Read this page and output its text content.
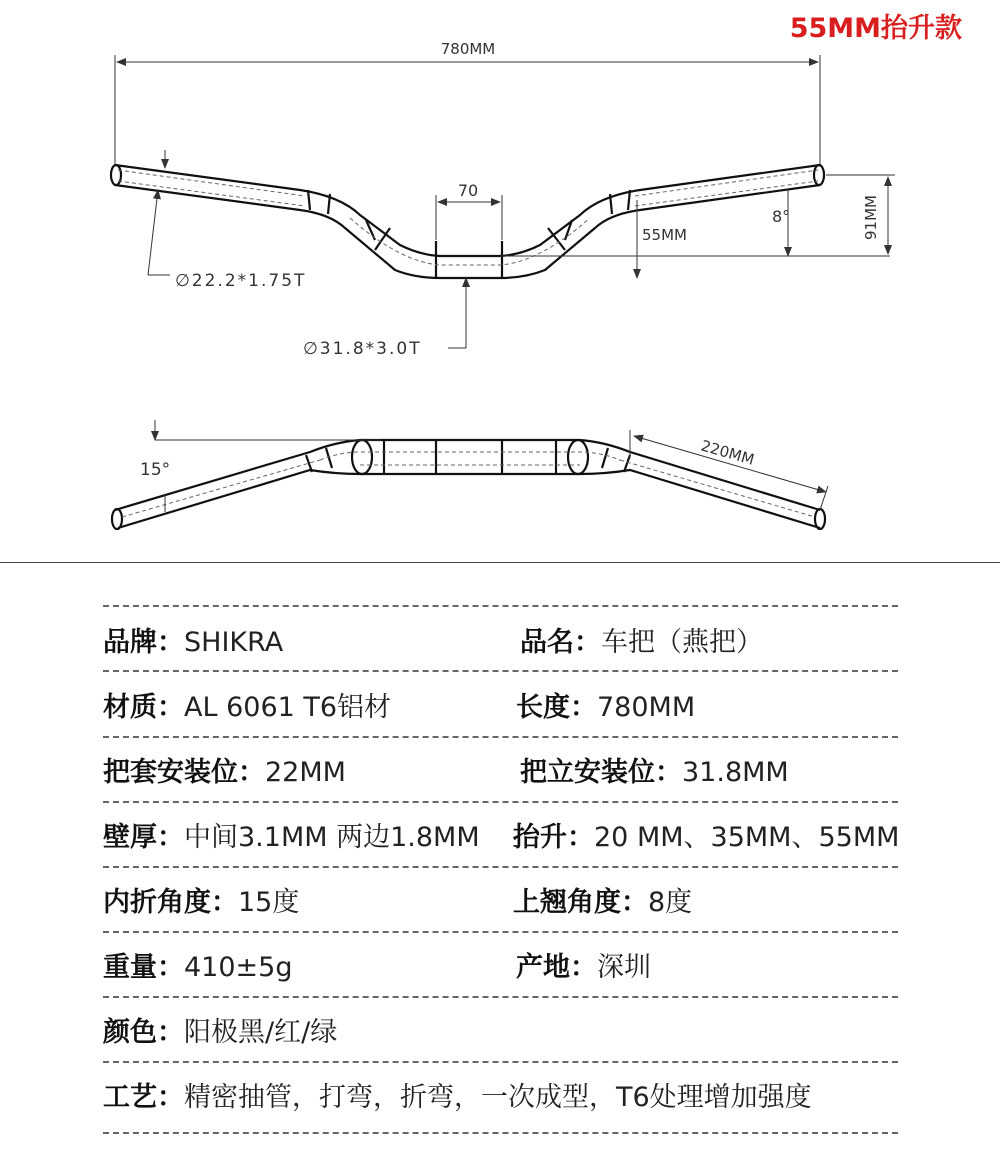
55MM抬升款
780MM
70
55MM
8°	91MM
∅22.2*1.75T
∅31.8*3.0T
15°
220MM
品牌：SHIKRA	品名：车把（燕把）
材质：AL 6061 T6铝材	长度：780MM
把套安装位：22MM	把立安装位：31.8MM
壁厚：中间3.1MM 两边1.8MM 抬升：20 MM、35MM、55MM
内折角度：15度	上翘角度：8度
重量：410±5g	产地：深圳
颜色：阳极黑/红/绿
工艺：精密抽管，打弯，折弯，一次成型，T6处理增加强度
